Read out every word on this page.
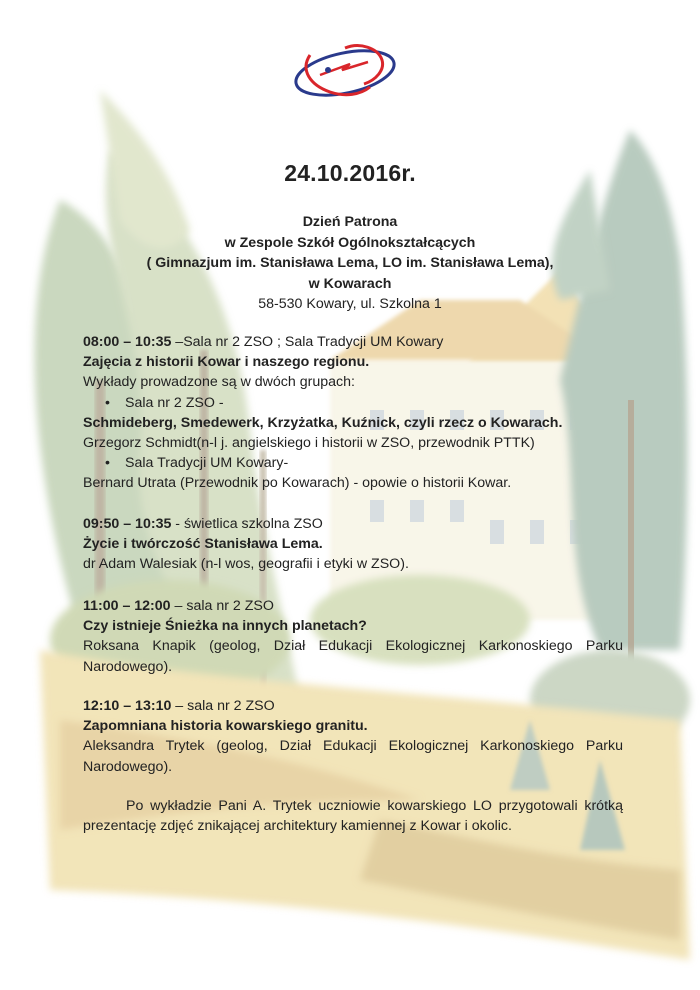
24.10.2016r.
Dzień Patrona
w Zespole Szkół Ogólnokształcących
( Gimnazjum im. Stanisława Lema, LO im. Stanisława Lema),
w Kowarach
58-530 Kowary, ul. Szkolna 1
08:00 – 10:35 –Sala nr 2 ZSO ; Sala Tradycji UM Kowary
Zajęcia z historii Kowar i naszego regionu.
Wykłady prowadzone są w dwóch grupach:
• Sala nr 2 ZSO -
Schmideberg, Smedewerk, Krzyżatka, Kuźnick, czyli rzecz o Kowarach.
Grzegorz Schmidt(n-l j. angielskiego i historii w ZSO, przewodnik PTTK)
• Sala Tradycji UM Kowary-
Bernard Utrata (Przewodnik po Kowarach) - opowie o historii Kowar.
09:50 – 10:35 - świetlica szkolna ZSO
Życie i twórczość Stanisława Lema.
dr Adam Walesiak (n-l wos, geografii i etyki w ZSO).
11:00 – 12:00 – sala nr 2 ZSO
Czy istnieje Śnieżka na innych planetach?
Roksana Knapik (geolog, Dział Edukacji Ekologicznej Karkonoskiego Parku Narodowego).
12:10 – 13:10 – sala nr 2 ZSO
Zapomniana historia kowarskiego granitu.
Aleksandra Trytek (geolog, Dział Edukacji Ekologicznej Karkonoskiego Parku Narodowego).
Po wykładzie Pani A. Trytek uczniowie kowarskiego LO przygotowali krótką prezentację zdjęć znikającej architektury kamiennej z Kowar i okolic.
